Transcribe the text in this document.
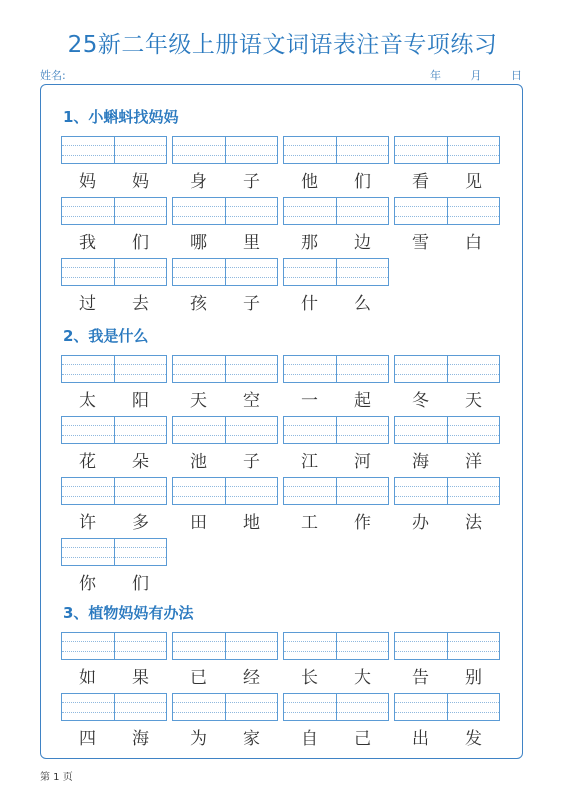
25新二年级上册语文词语表注音专项练习
姓名:	年	月	日
1、小蝌蚪找妈妈
妈	妈	身	子	他	们	看	见
我	们	哪	里	那	边	雪	白
过	去	孩	子	什	么
2、我是什么
太	阳	天	空	一	起	冬	天
花	朵	池	子	江	河	海	洋
许	多	田	地	工	作	办	法
你	们
3、植物妈妈有办法
如	果	已	经	长	大	告	别
四	海	为	家	自	己	出	发
第 1 页
